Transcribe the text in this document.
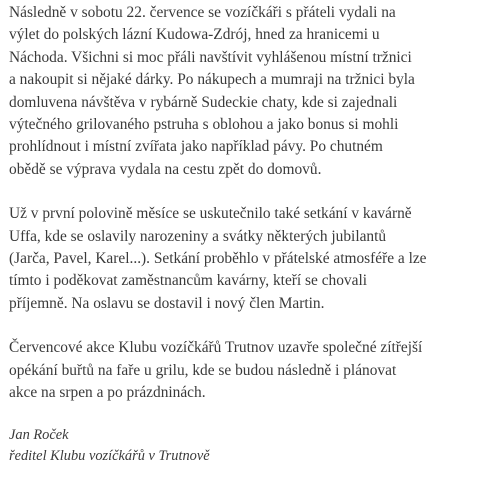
Následně v sobotu 22. července se vozíčkáři s přáteli vydali na
výlet do polských lázní Kudowa-Zdrój, hned za hranicemi u
Náchoda. Všichni si moc přáli navštívit vyhlášenou místní tržnici
a nakoupit si nějaké dárky. Po nákupech a mumraji na tržnici byla
domluvena návštěva v rybárně Sudeckie chaty, kde si zajednali
výtečného grilovaného pstruha s oblohou a jako bonus si mohli
prohlídnout i místní zvířata jako například pávy. Po chutném
obědě se výprava vydala na cestu zpět do domovů.

Už v první polovině měsíce se uskutečnilo také setkání v kavárně
Uffa, kde se oslavily narozeniny a svátky některých jubilantů
(Jarča, Pavel, Karel...). Setkání proběhlo v přátelské atmosféře a lze
tímto i poděkovat zaměstnancům kavárny, kteří se chovali
příjemně. Na oslavu se dostavil i nový člen Martin.

Červencové akce Klubu vozíčkářů Trutnov uzavře společné zítřejší
opékání buřtů na faře u grilu, kde se budou následně i plánovat
akce na srpen a po prázdninách.

Jan Roček
ředitel Klubu vozíčkářů v Trutnově
